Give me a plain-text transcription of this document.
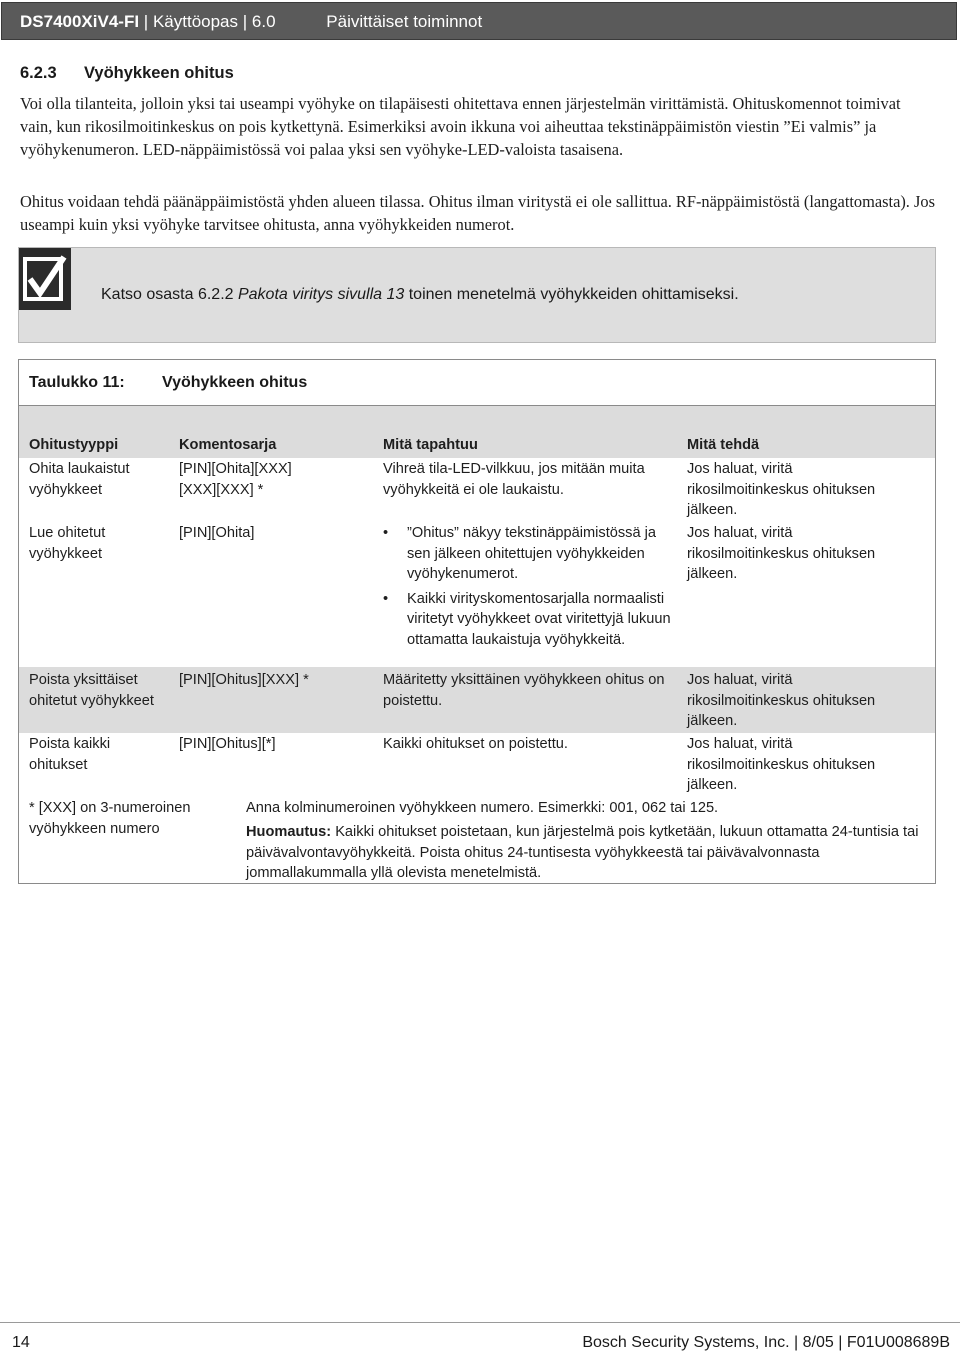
DS7400XiV4-FI | Käyttöopas | 6.0	Päivittäiset toiminnot
6.2.3 Vyöhykkeen ohitus
Voi olla tilanteita, jolloin yksi tai useampi vyöhyke on tilapäisesti ohitettava ennen järjestelmän virittämistä. Ohituskomennot toimivat vain, kun rikosilmoitinkeskus on pois kytkettynä. Esimerkiksi avoin ikkuna voi aiheuttaa tekstinäppäimistön viestin ”Ei valmis” ja vyöhykenumeron. LED-näppäimistössä voi palaa yksi sen vyöhyke-LED-valoista tasaisena.
Ohitus voidaan tehdä päänäppäimistöstä yhden alueen tilassa. Ohitus ilman viritystä ei ole sallittua. RF-näppäimistöstä (langattomasta). Jos useampi kuin yksi vyöhyke tarvitsee ohitusta, anna vyöhykkeiden numerot.
Katso osasta 6.2.2 Pakota viritys sivulla 13 toinen menetelmä vyöhykkeiden ohittamiseksi.
Taulukko 11: Vyöhykkeen ohitus
Ohitustyyppi	Komentosarja	Mitä tapahtuu	Mitä tehdä
Ohita laukaistut vyöhykkeet
[PIN][Ohita][XXX] [XXX][XXX] *
Vihreä tila-LED-vilkkuu, jos mitään muita vyöhykkeitä ei ole laukaistu.
Jos haluat, viritä rikosilmoitinkeskus ohituksen jälkeen.
Lue ohitetut vyöhykkeet
[PIN][Ohita]
•	”Ohitus” näkyy tekstinäppäimistössä ja sen jälkeen ohitettujen vyöhykkeiden vyöhykenumerot.
• Kaikki virityskomentosarjalla normaalisti viritetyt vyöhykkeet ovat viritettyjä lukuun ottamatta laukaistuja vyöhykkeitä.
Jos haluat, viritä rikosilmoitinkeskus ohituksen jälkeen.
Poista yksittäiset ohitetut vyöhykkeet
[PIN][Ohitus][XXX] *	Määritetty yksittäinen vyöhykkeen ohitus on poistettu.
Jos haluat, viritä rikosilmoitinkeskus ohituksen jälkeen.
Poista kaikki ohitukset
[PIN][Ohitus][*]	Kaikki ohitukset on poistettu.	Jos haluat, viritä rikosilmoitinkeskus ohituksen jälkeen.
* [XXX] on 3-numeroinen vyöhykkeen numero
Anna kolminumeroinen vyöhykkeen numero. Esimerkki: 001, 062 tai 125.
Huomautus: Kaikki ohitukset poistetaan, kun järjestelmä pois kytketään, lukuun ottamatta 24-tuntisia tai päivävalvontavyöhykkeitä. Poista ohitus 24-tuntisesta vyöhykkeestä tai päivävalvonnasta jommallakummalla yllä olevista menetelmistä.
14	Bosch Security Systems, Inc. | 8/05 | F01U008689B
